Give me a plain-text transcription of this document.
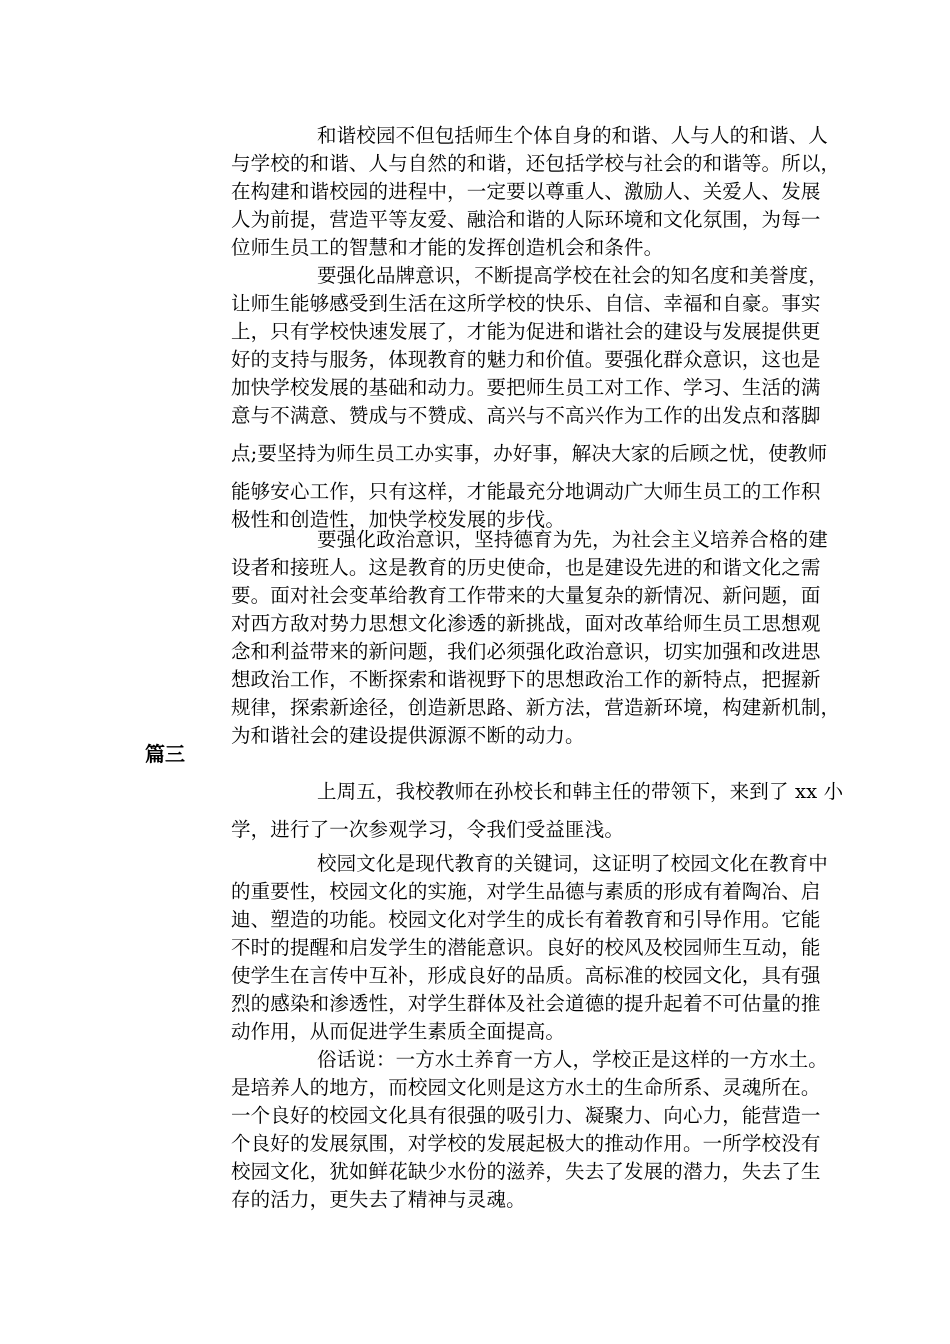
和谐校园不但包括师生个体自身的和谐、人与人的和谐、人
与学校的和谐、人与自然的和谐，还包括学校与社会的和谐等。所以，
在构建和谐校园的进程中，一定要以尊重人、激励人、关爱人、发展
人为前提，营造平等友爱、融洽和谐的人际环境和文化氛围，为每一
位师生员工的智慧和才能的发挥创造机会和条件。
要强化品牌意识，不断提高学校在社会的知名度和美誉度，
让师生能够感受到生活在这所学校的快乐、自信、幸福和自豪。事实
上，只有学校快速发展了，才能为促进和谐社会的建设与发展提供更
好的支持与服务，体现教育的魅力和价值。要强化群众意识，这也是
加快学校发展的基础和动力。要把师生员工对工作、学习、生活的满
意与不满意、赞成与不赞成、高兴与不高兴作为工作的出发点和落脚
点;要坚持为师生员工办实事，办好事，解决大家的后顾之忧，使教师
能够安心工作，只有这样，才能最充分地调动广大师生员工的工作积
极性和创造性，加快学校发展的步伐。
要强化政治意识，坚持德育为先，为社会主义培养合格的建
设者和接班人。这是教育的历史使命，也是建设先进的和谐文化之需
要。面对社会变革给教育工作带来的大量复杂的新情况、新问题，面
对西方敌对势力思想文化渗透的新挑战，面对改革给师生员工思想观
念和利益带来的新问题，我们必须强化政治意识，切实加强和改进思
想政治工作，不断探索和谐视野下的思想政治工作的新特点，把握新
规律，探索新途径，创造新思路、新方法，营造新环境，构建新机制，
为和谐社会的建设提供源源不断的动力。
篇三
上周五，我校教师在孙校长和韩主任的带领下，来到了 xx 小
学，进行了一次参观学习，令我们受益匪浅。
校园文化是现代教育的关键词，这证明了校园文化在教育中
的重要性，校园文化的实施，对学生品德与素质的形成有着陶冶、启
迪、塑造的功能。校园文化对学生的成长有着教育和引导作用。它能
不时的提醒和启发学生的潜能意识。良好的校风及校园师生互动，能
使学生在言传中互补，形成良好的品质。高标准的校园文化，具有强
烈的感染和渗透性，对学生群体及社会道德的提升起着不可估量的推
动作用，从而促进学生素质全面提高。
俗话说：一方水土养育一方人，学校正是这样的一方水土。
是培养人的地方，而校园文化则是这方水土的生命所系、灵魂所在。
一个良好的校园文化具有很强的吸引力、凝聚力、向心力，能营造一
个良好的发展氛围，对学校的发展起极大的推动作用。一所学校没有
校园文化，犹如鲜花缺少水份的滋养，失去了发展的潜力，失去了生
存的活力，更失去了精神与灵魂。
